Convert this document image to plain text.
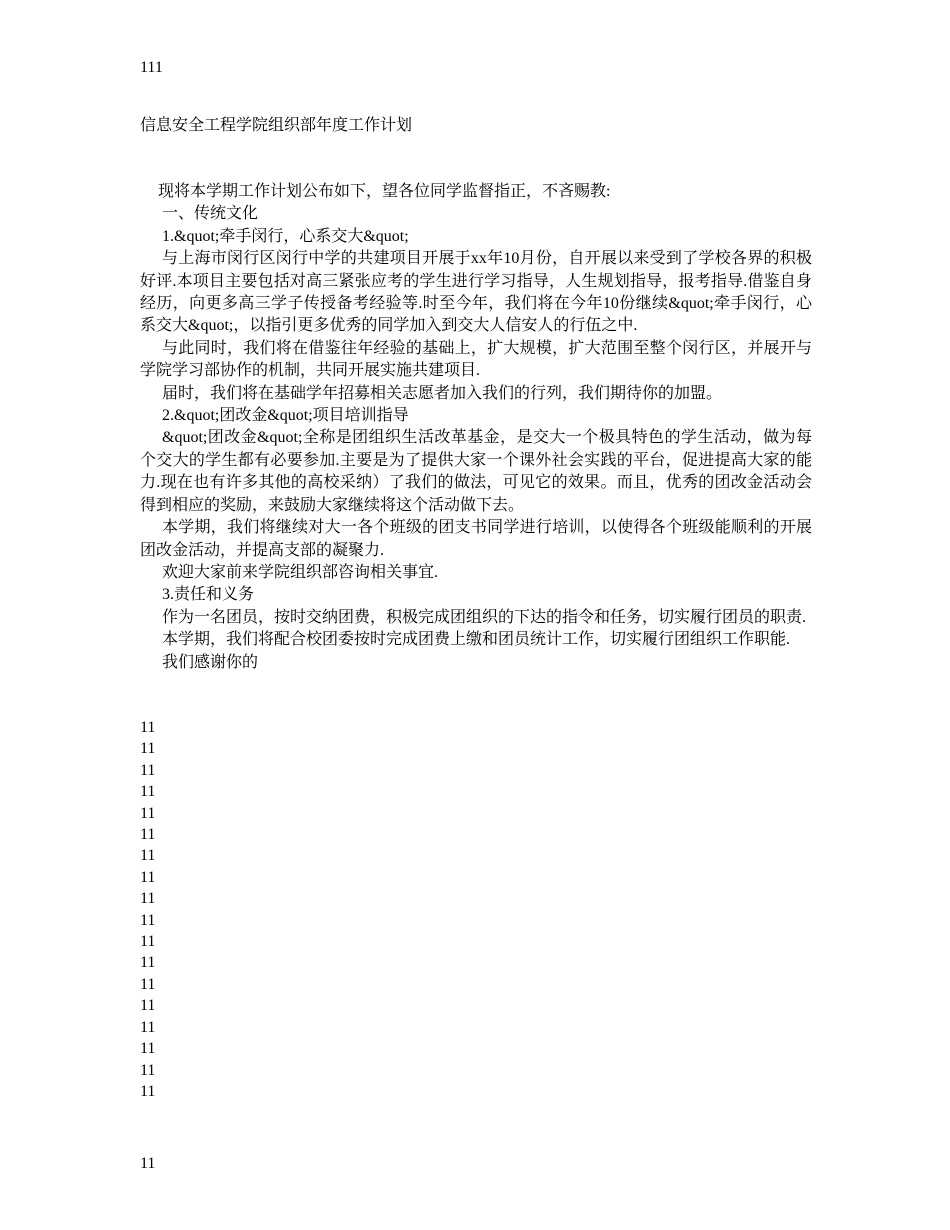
111
信息安全工程学院组织部年度工作计划

现将本学期工作计划公布如下，望各位同学监督指正，不吝赐教:

一、传统文化

1.&quot;牵手闵行，心系交大&quot;

与上海市闵行区闵行中学的共建项目开展于xx年10月份，自开展以来受到了学校各界的积极好评.本项目主要包括对高三紧张应考的学生进行学习指导，人生规划指导，报考指导.借鉴自身经历，向更多高三学子传授备考经验等.时至今年，我们将在今年10份继续&quot;牵手闵行，心系交大&quot;，以指引更多优秀的同学加入到交大人信安人的行伍之中.

与此同时，我们将在借鉴往年经验的基础上，扩大规模，扩大范围至整个闵行区，并展开与学院学习部协作的机制，共同开展实施共建项目.

届时，我们将在基础学年招募相关志愿者加入我们的行列，我们期待你的加盟。

2.&quot;团改金&quot;项目培训指导

&quot;团改金&quot;全称是团组织生活改革基金，是交大一个极具特色的学生活动，做为每个交大的学生都有必要参加.主要是为了提供大家一个课外社会实践的平台，促进提高大家的能力.现在也有许多其他的高校采纳）了我们的做法，可见它的效果。而且，优秀的团改金活动会得到相应的奖励，来鼓励大家继续将这个活动做下去。

本学期，我们将继续对大一各个班级的团支书同学进行培训，以使得各个班级能顺利的开展团改金活动，并提高支部的凝聚力.

欢迎大家前来学院组织部咨询相关事宜.

3.责任和义务

作为一名团员，按时交纳团费，积极完成团组织的下达的指令和任务，切实履行团员的职责.

本学期，我们将配合校团委按时完成团费上缴和团员统计工作，切实履行团组织工作职能.

我们感谢你的

11
11
11
11
11
11
11
11
11
11
11
11
11
11
11
11
11
11
11
